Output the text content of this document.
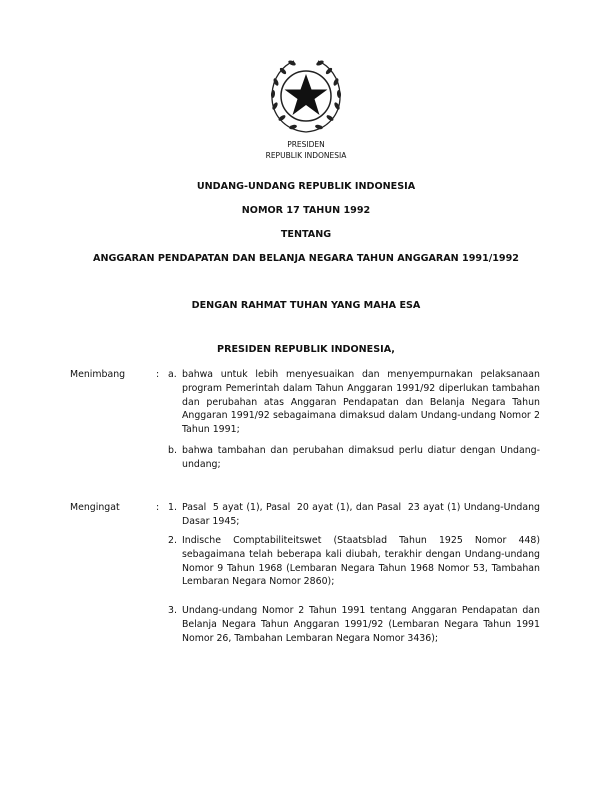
PRESIDEN
REPUBLIK INDONESIA
UNDANG-UNDANG REPUBLIK INDONESIA
NOMOR 17 TAHUN 1992
TENTANG
ANGGARAN PENDAPATAN DAN BELANJA NEGARA TAHUN ANGGARAN 1991/1992
DENGAN RAHMAT TUHAN YANG MAHA ESA
PRESIDEN REPUBLIK INDONESIA,
Menimbang	: a. bahwa untuk lebih menyesuaikan dan menyempurnakan pelaksanaan program Pemerintah dalam Tahun Anggaran 1991/92 diperlukan tambahan dan perubahan atas Anggaran Pendapatan dan Belanja Negara Tahun Anggaran 1991/92 sebagaimana dimaksud dalam Undang-undang Nomor 2 Tahun 1991;
b. bahwa tambahan dan perubahan dimaksud perlu diatur dengan Undang-undang;
Mengingat	: 1. Pasal  5 ayat (1), Pasal  20 ayat (1), dan Pasal  23 ayat (1) Undang-Undang Dasar 1945;
2. Indische Comptabiliteitswet (Staatsblad Tahun 1925 Nomor 448) sebagaimana telah beberapa kali diubah, terakhir dengan Undang-undang Nomor 9 Tahun 1968 (Lembaran Negara Tahun 1968 Nomor 53, Tambahan Lembaran Negara Nomor 2860);
3. Undang-undang Nomor 2 Tahun 1991 tentang Anggaran Pendapatan dan Belanja Negara Tahun Anggaran 1991/92 (Lembaran Negara Tahun 1991 Nomor 26, Tambahan Lembaran Negara Nomor 3436);
